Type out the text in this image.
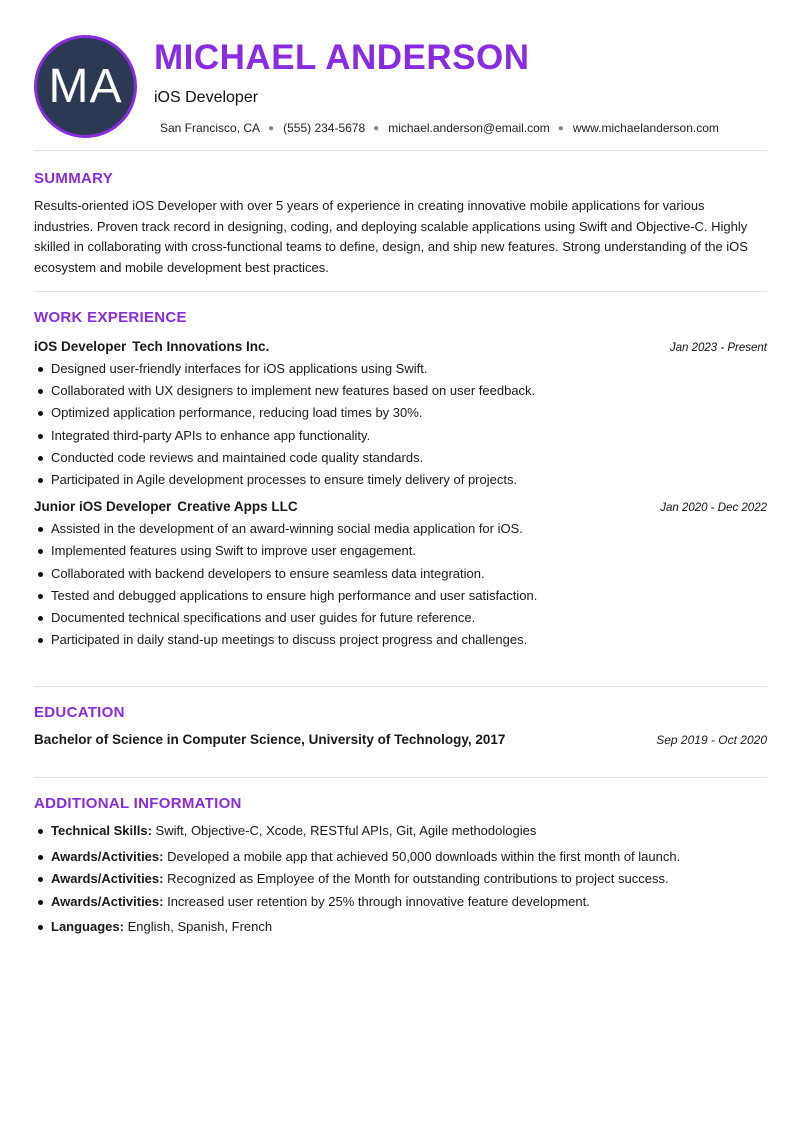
MA
MICHAEL ANDERSON
iOS Developer
San Francisco, CA ● (555) 234-5678 ● michael.anderson@email.com ● www.michaelanderson.com
SUMMARY

Results-oriented iOS Developer with over 5 years of experience in creating innovative mobile applications for various industries. Proven track record in designing, coding, and deploying scalable applications using Swift and Objective-C. Highly skilled in collaborating with cross-functional teams to define, design, and ship new features. Strong understanding of the iOS ecosystem and mobile development best practices.

WORK EXPERIENCE
iOS Developer Tech Innovations Inc.	Jan 2023 - Present
Designed user-friendly interfaces for iOS applications using Swift.
Collaborated with UX designers to implement new features based on user feedback.
Optimized application performance, reducing load times by 30%.
Integrated third-party APIs to enhance app functionality.
Conducted code reviews and maintained code quality standards.
Participated in Agile development processes to ensure timely delivery of projects.
Junior iOS Developer Creative Apps LLC	Jan 2020 - Dec 2022
Assisted in the development of an award-winning social media application for iOS.
Implemented features using Swift to improve user engagement.
Collaborated with backend developers to ensure seamless data integration.
Tested and debugged applications to ensure high performance and user satisfaction.
Documented technical specifications and user guides for future reference.
Participated in daily stand-up meetings to discuss project progress and challenges.
EDUCATION
Bachelor of Science in Computer Science, University of Technology, 2017	Sep 2019 - Oct 2020
ADDITIONAL INFORMATION
Technical Skills: Swift, Objective-C, Xcode, RESTful APIs, Git, Agile methodologies
Awards/Activities: Developed a mobile app that achieved 50,000 downloads within the first month of launch.
Awards/Activities: Recognized as Employee of the Month for outstanding contributions to project success.
Awards/Activities: Increased user retention by 25% through innovative feature development.
Languages: English, Spanish, French
